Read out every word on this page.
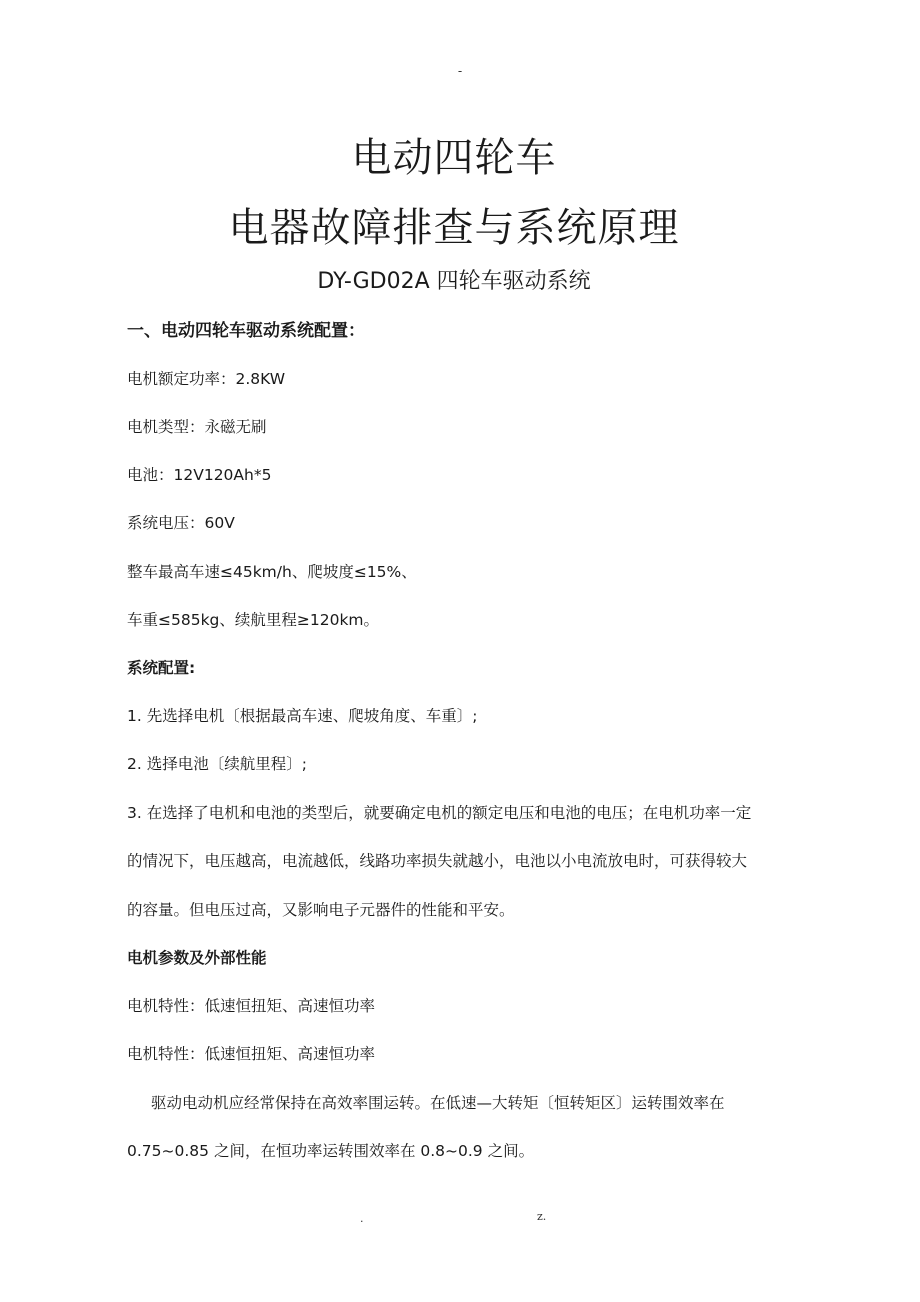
-
电动四轮车
电器故障排查与系统原理
DY-GD02A 四轮车驱动系统
一、电动四轮车驱动系统配置：
电机额定功率：2.8KW
电机类型：永磁无刷
电池：12V120Ah*5
系统电压：60V
整车最高车速≤45km/h、爬坡度≤15%、
车重≤585kg、续航里程≥120km。
系统配置:
1. 先选择电机〔根据最高车速、爬坡角度、车重〕;
2. 选择电池〔续航里程〕;
3. 在选择了电机和电池的类型后，就要确定电机的额定电压和电池的电压；在电机功率一定
的情况下，电压越高，电流越低，线路功率损失就越小，电池以小电流放电时，可获得较大
的容量。但电压过高，又影响电子元器件的性能和平安。
电机参数及外部性能
电机特性：低速恒扭矩、高速恒功率
电机特性：低速恒扭矩、高速恒功率
驱动电动机应经常保持在高效率围运转。在低速—大转矩〔恒转矩区〕运转围效率在
0.75~0.85 之间，在恒功率运转围效率在 0.8~0.9 之间。
.	z.
